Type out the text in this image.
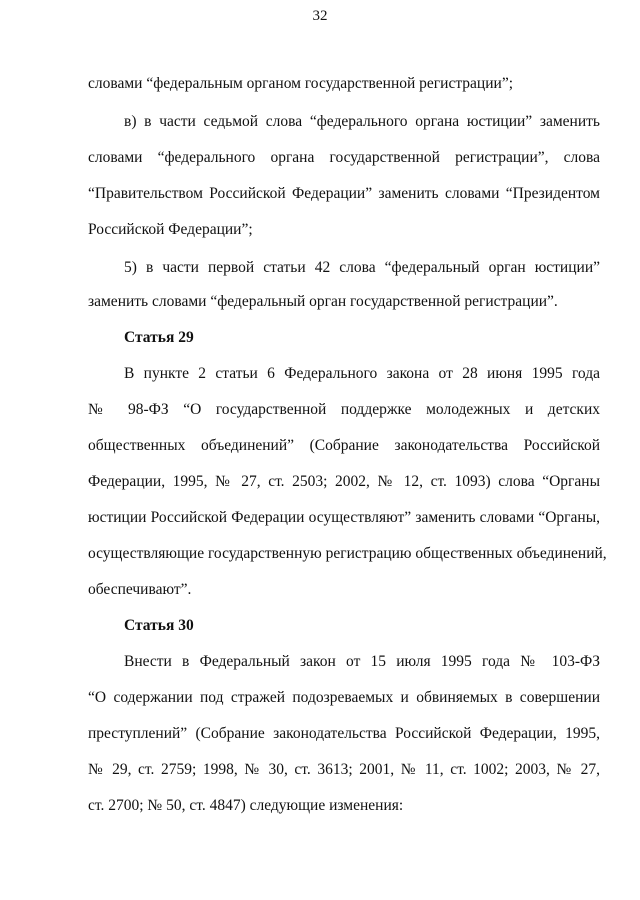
32
словами “федеральным органом государственной регистрации”;
в) в части седьмой слова “федерального органа юстиции” заменить
словами “федерального органа государственной регистрации”, слова
“Правительством Российской Федерации” заменить словами “Президентом
Российской Федерации”;
5) в части первой статьи 42 слова “федеральный орган юстиции”
заменить словами “федеральный орган государственной регистрации”.
Статья 29
В пункте 2 статьи 6 Федерального закона от 28 июня 1995 года
№ 98-ФЗ “О государственной поддержке молодежных и детских
общественных объединений” (Собрание законодательства Российской
Федерации, 1995, № 27, ст. 2503; 2002, № 12, ст. 1093) слова “Органы
юстиции Российской Федерации осуществляют” заменить словами “Органы,
осуществляющие государственную регистрацию общественных объединений,
обеспечивают”.
Статья 30
Внести в Федеральный закон от 15 июля 1995 года № 103-ФЗ
“О содержании под стражей подозреваемых и обвиняемых в совершении
преступлений” (Собрание законодательства Российской Федерации, 1995,
№ 29, ст. 2759; 1998, № 30, ст. 3613; 2001, № 11, ст. 1002; 2003, № 27,
ст. 2700; № 50, ст. 4847) следующие изменения:
